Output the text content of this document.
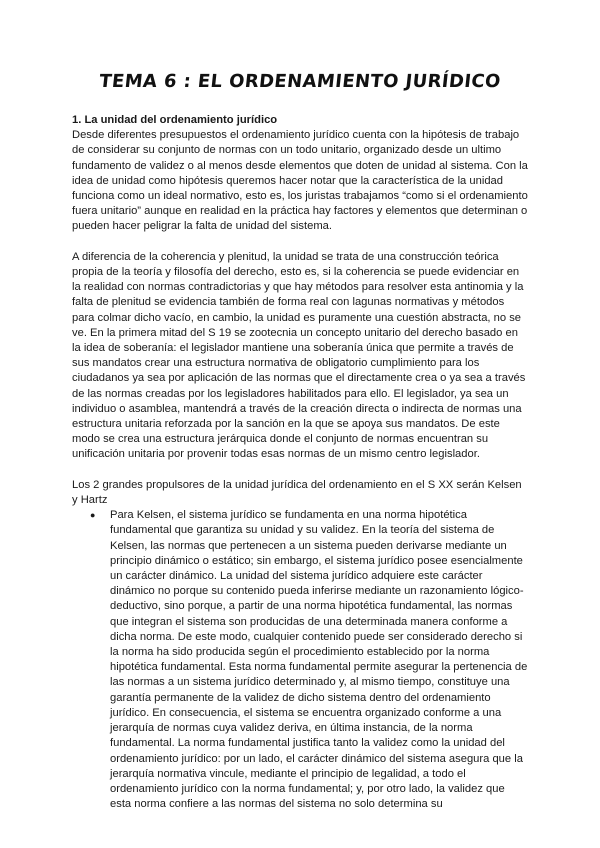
TEMA 6 : EL ORDENAMIENTO JURÍDICO

1. La unidad del ordenamiento jurídico

Desde diferentes presupuestos el ordenamiento jurídico cuenta con la hipótesis de trabajo de considerar su conjunto de normas con un todo unitario, organizado desde un ultimo fundamento de validez o al menos desde elementos que doten de unidad al sistema. Con la idea de unidad como hipótesis queremos hacer notar que la característica de la unidad funciona como un ideal normativo, esto es, los juristas trabajamos “como si el ordenamiento fuera unitario” aunque en realidad en la práctica hay factores y elementos que determinan o pueden hacer peligrar la falta de unidad del sistema.

A diferencia de la coherencia y plenitud, la unidad se trata de una construcción teórica propia de la teoría y filosofía del derecho, esto es, si la coherencia se puede evidenciar en la realidad con normas contradictorias y que hay métodos para resolver esta antinomia y la falta de plenitud se evidencia también de forma real con lagunas normativas y métodos para colmar dicho vacío, en cambio, la unidad es puramente una cuestión abstracta, no se ve. En la primera mitad del S 19 se zootecnia un concepto unitario del derecho basado en la idea de soberanía: el legislador mantiene una soberanía única que permite a través de sus mandatos crear una estructura normativa de obligatorio cumplimiento para los ciudadanos ya sea por aplicación de las normas que el directamente crea o ya sea a través de las normas creadas por los legisladores habilitados para ello. El legislador, ya sea un individuo o asamblea, mantendrá a través de la creación directa o indirecta de normas una estructura unitaria reforzada por la sanción en la que se apoya sus mandatos. De este modo se crea una estructura jerárquica donde el conjunto de normas encuentran su unificación unitaria por provenir todas esas normas de un mismo centro legislador.

Los 2 grandes propulsores de la unidad jurídica del ordenamiento en el S XX serán Kelsen y Hartz

● Para Kelsen, el sistema jurídico se fundamenta en una norma hipotética fundamental que garantiza su unidad y su validez. En la teoría del sistema de Kelsen, las normas que pertenecen a un sistema pueden derivarse mediante un principio dinámico o estático; sin embargo, el sistema jurídico posee esencialmente un carácter dinámico. La unidad del sistema jurídico adquiere este carácter dinámico no porque su contenido pueda inferirse mediante un razonamiento lógico-deductivo, sino porque, a partir de una norma hipotética fundamental, las normas que integran el sistema son producidas de una determinada manera conforme a dicha norma. De este modo, cualquier contenido puede ser considerado derecho si la norma ha sido producida según el procedimiento establecido por la norma hipotética fundamental. Esta norma fundamental permite asegurar la pertenencia de las normas a un sistema jurídico determinado y, al mismo tiempo, constituye una garantía permanente de la validez de dicho sistema dentro del ordenamiento jurídico. En consecuencia, el sistema se encuentra organizado conforme a una jerarquía de normas cuya validez deriva, en última instancia, de la norma fundamental. La norma fundamental justifica tanto la validez como la unidad del ordenamiento jurídico: por un lado, el carácter dinámico del sistema asegura que la jerarquía normativa vincule, mediante el principio de legalidad, a todo el ordenamiento jurídico con la norma fundamental; y, por otro lado, la validez que esta norma confiere a las normas del sistema no solo determina su
